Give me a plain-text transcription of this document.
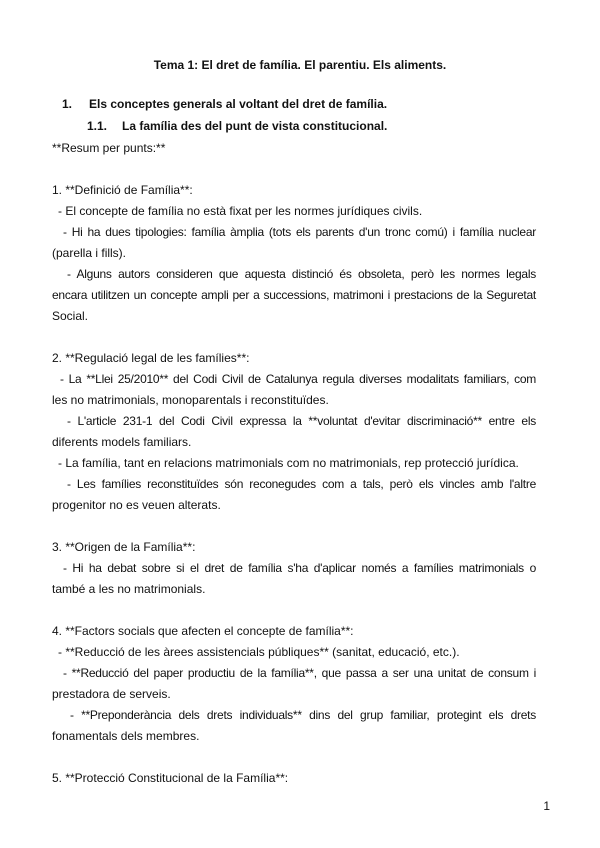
Tema 1: El dret de família. El parentiu. Els aliments.
1. Els conceptes generals al voltant del dret de família.
1.1. La família des del punt de vista constitucional.
**Resum per punts:**
1. **Definició de Família**:
- El concepte de família no està fixat per les normes jurídiques civils.
- Hi ha dues tipologies: família àmplia (tots els parents d'un tronc comú) i família nuclear
(parella i fills).
- Alguns autors consideren que aquesta distinció és obsoleta, però les normes legals
encara utilitzen un concepte ampli per a successions, matrimoni i prestacions de la Seguretat
Social.
2. **Regulació legal de les famílies**:
- La **Llei 25/2010** del Codi Civil de Catalunya regula diverses modalitats familiars, com
les no matrimonials, monoparentals i reconstituïdes.
- L'article 231-1 del Codi Civil expressa la **voluntat d'evitar discriminació** entre els
diferents models familiars.
- La família, tant en relacions matrimonials com no matrimonials, rep protecció jurídica.
- Les famílies reconstituïdes són reconegudes com a tals, però els vincles amb l'altre
progenitor no es veuen alterats.
3. **Origen de la Família**:
- Hi ha debat sobre si el dret de família s'ha d'aplicar només a famílies matrimonials o
també a les no matrimonials.
4. **Factors socials que afecten el concepte de família**:
- **Reducció de les àrees assistencials públiques** (sanitat, educació, etc.).
- **Reducció del paper productiu de la família**, que passa a ser una unitat de consum i
prestadora de serveis.
- **Preponderància dels drets individuals** dins del grup familiar, protegint els drets
fonamentals dels membres.
5. **Protecció Constitucional de la Família**:
1
